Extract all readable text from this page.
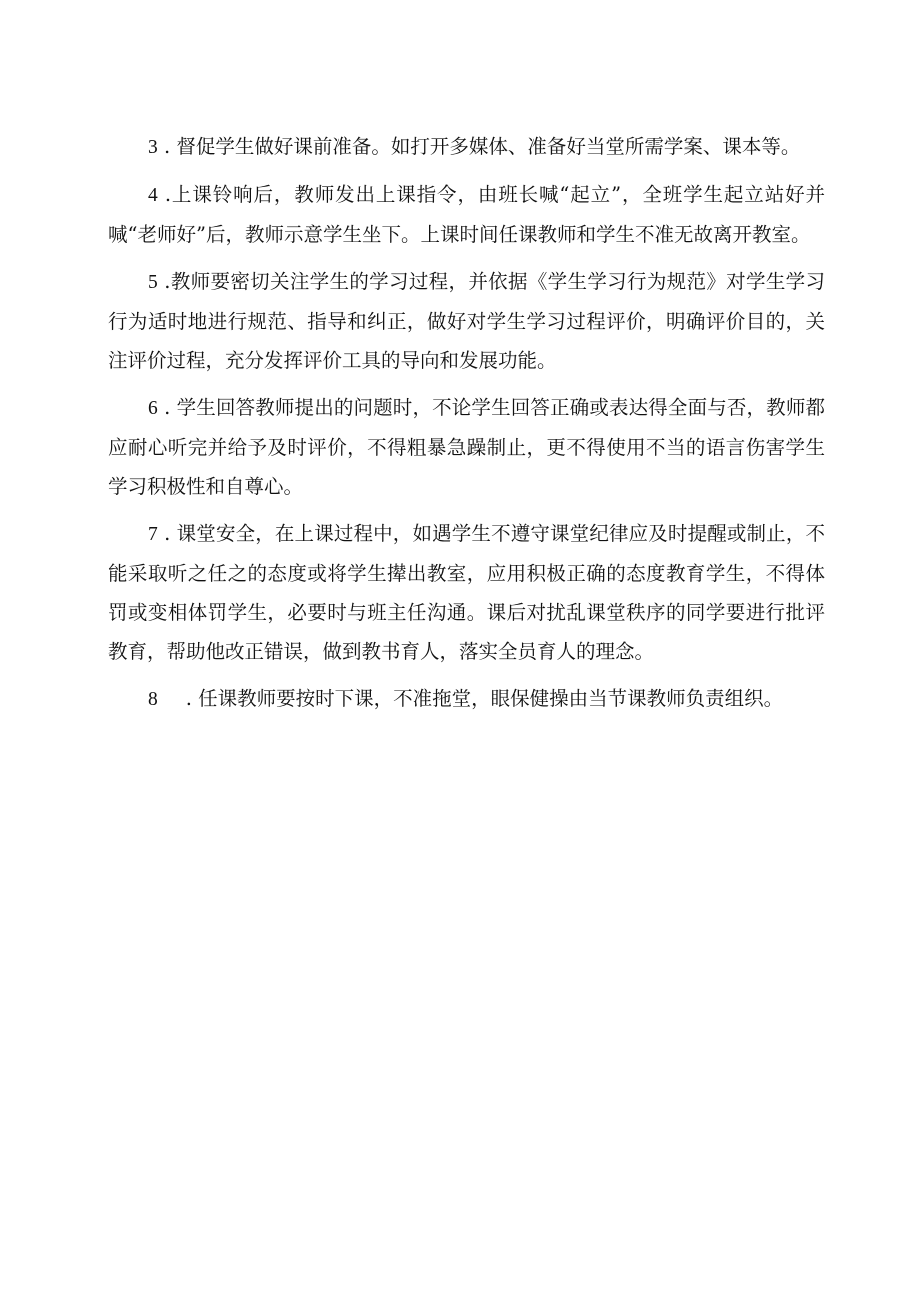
3 . 督促学生做好课前准备。如打开多媒体、准备好当堂所需学案、课本等。

4 .上课铃响后，教师发出上课指令，由班长喊“起立”，全班学生起立站好并喊“老师好”后，教师示意学生坐下。上课时间任课教师和学生不准无故离开教室。

5 .教师要密切关注学生的学习过程，并依据《学生学习行为规范》对学生学习行为适时地进行规范、指导和纠正，做好对学生学习过程评价，明确评价目的，关注评价过程，充分发挥评价工具的导向和发展功能。

6 . 学生回答教师提出的问题时，不论学生回答正确或表达得全面与否，教师都应耐心听完并给予及时评价，不得粗暴急躁制止，更不得使用不当的语言伤害学生学习积极性和自尊心。

7 . 课堂安全，在上课过程中，如遇学生不遵守课堂纪律应及时提醒或制止，不能采取听之任之的态度或将学生撵出教室，应用积极正确的态度教育学生，不得体罚或变相体罚学生，必要时与班主任沟通。课后对扰乱课堂秩序的同学要进行批评教育，帮助他改正错误，做到教书育人，落实全员育人的理念。

8 . 任课教师要按时下课，不准拖堂，眼保健操由当节课教师负责组织。
